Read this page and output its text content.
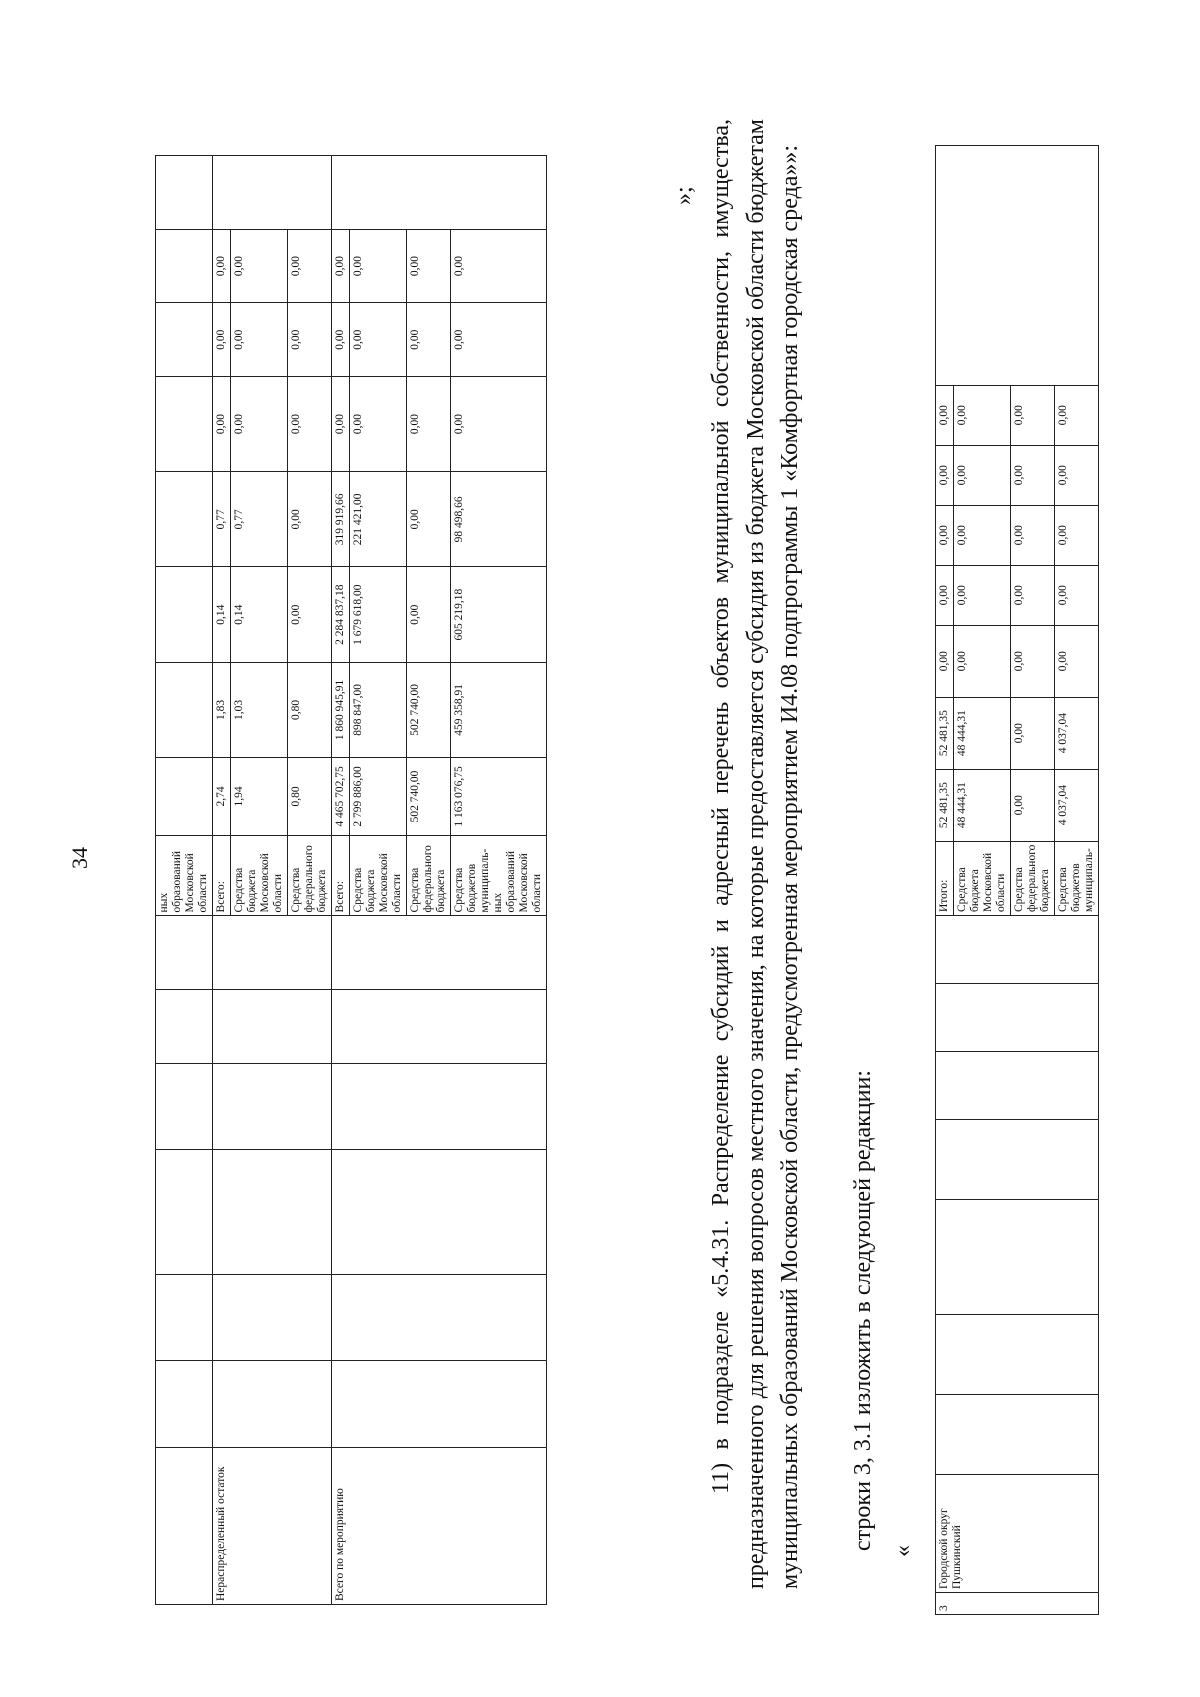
34
							ных образований Московской области								
Нераспределенный остаток							Всего:	2,74	1,83	0,14	0,77	0,00	0,00	0,00	
							Средства бюджета Московской области	1,94	1,03	0,14	0,77	0,00	0,00	0,00	
							Средства федерального бюджета	0,80	0,80	0,00	0,00	0,00	0,00	0,00	
Всего по мероприятию							Всего:	4 465 702,75	1 860 945,91	2 284 837,18	319 919,66	0,00	0,00	0,00	
							Средства бюджета Московской области	2 799 886,00	898 847,00	1 679 618,00	221 421,00	0,00	0,00	0,00	
							Средства федерального бюджета	502 740,00	502 740,00	0,00	0,00	0,00	0,00	0,00	
							Средства бюджетов муниципаль-ных образований Московской области	1 163 076,75	459 358,91	605 219,18	98 498,66	0,00	0,00	0,00	
»; 11) в подразделе «5.4.31. Распределение субсидий и адресный перечень объектов муниципальной собственности, имущества, предназначенного для решения вопросов местного значения, на которые предоставляется субсидия из бюджета Московской области бюджетам муниципальных образований Московской области, предусмотренная мероприятием И4.08 подпрограммы 1 «Комфортная городская среда»»: строки 3, 3.1 изложить в следующей редакции: «
3	Городской округ Пушкинский								Итого:	52 481,35	52 481,35	0,00	0,00	0,00	0,00	0,00	
									Средства бюджета Московской области	48 444,31	48 444,31	0,00	0,00	0,00	0,00	0,00	
									Средства федерального бюджета	0,00	0,00	0,00	0,00	0,00	0,00	0,00	
									Средства бюджетов муниципаль-	4 037,04	4 037,04	0,00	0,00	0,00	0,00	0,00	
